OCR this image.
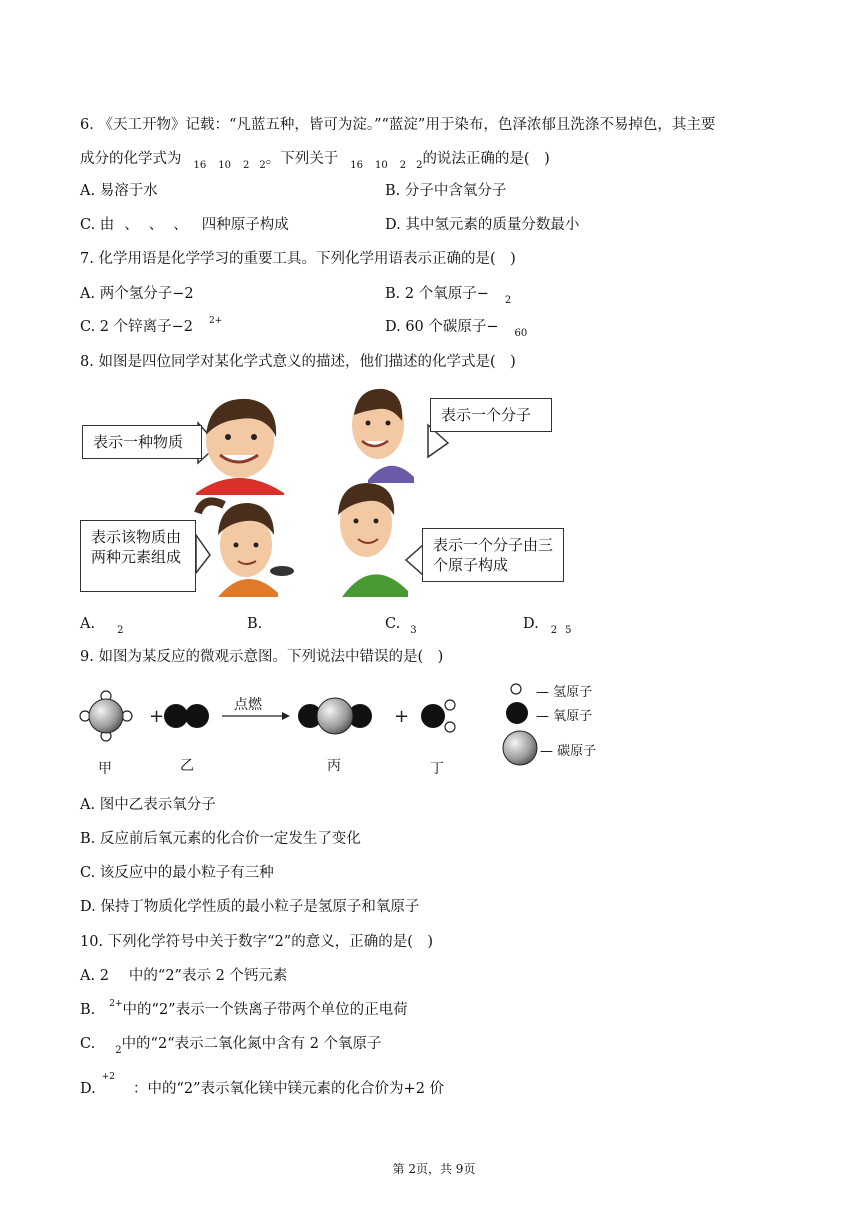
6. 《天工开物》记载：“凡蓝五种，皆可为淀。”“蓝淀”用于染布，色泽浓郁且洗涤不易掉色，其主要
成分的化学式为 $_{16}$ $_{10}$ $_2$ $_2$。下列关于 $_{16}$ $_{10}$ $_2$ $_2$的说法正确的是(　)
A. 易溶于水	B. 分子中含氧分子
C. 由 、 、 、 四种原子构成	D. 其中氢元素的质量分数最小
7. 化学用语是化学学习的重要工具。下列化学用语表示正确的是(　)
A. 两个氢分子−2	B. 2 个氧原子− $_2$
C. 2 个锌离子−2 $^{2+}$	D. 60 个碳原子− $_{60}$
8. 如图是四位同学对某化学式意义的描述，他们描述的化学式是(　)
表示一种物质
表示一个分子
表示该物质由两种元素组成
表示一个分子由三个原子构成
A. $_2$	B.	C. $_3$	D. $_2$ $_5$
9. 如图为某反应的微观示意图。下列说法中错误的是(　)
+	+
点燃
甲	乙	丙	丁
— 氢原子
— 氧原子
— 碳原子
A. 图中乙表示氧分子
B. 反应前后氧元素的化合价一定发生了变化
C. 该反应中的最小粒子有三种
D. 保持丁物质化学性质的最小粒子是氢原子和氧原子
10. 下列化学符号中关于数字“2”的意义，正确的是(　)
A. 2 中的“2”表示 2 个钙元素
B. $^{2+}$中的“2”表示一个铁离子带两个单位的正电荷
C. $_2$中的“2“表示二氧化氮中含有 2 个氧原子
D.$^{+2}$：中的“2”表示氧化镁中镁元素的化合价为+2 价
第 2页，共 9页
